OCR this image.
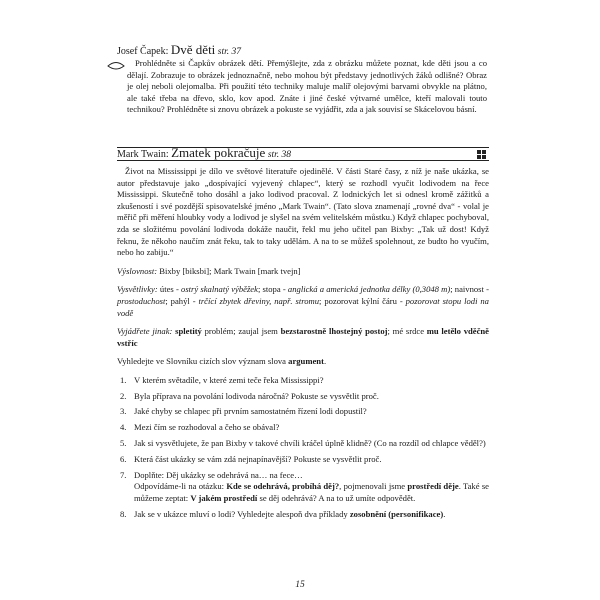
Josef Čapek: Dvě děti str. 37
Prohlédněte si Čapkův obrázek dětí. Přemýšlejte, zda z obrázku můžete poznat, kde děti jsou a co dělají. Zobrazuje to obrázek jednoznačně, nebo mohou být představy jednotlivých žáků odlišné? Obraz je olej neboli olejomalba. Při použití této techniky maluje malíř olejovými barvami obvykle na plátno, ale také třeba na dřevo, sklo, kov apod. Znáte i jiné české výtvarné umělce, kteří malovali touto technikou? Prohlédněte si znovu obrázek a pokuste se vyjádřit, zda a jak souvisí se Skácelovou básní.
Mark Twain: Zmatek pokračuje str. 38

Život na Mississippi je dílo ve světové literatuře ojedinělé. V části Staré časy, z níž je naše ukázka, se autor představuje jako „dospívající vyjevený chlapec“, který se rozhodl vyučit lodivodem na řece Mississippi. Skutečně toho dosáhl a jako lodivod pracoval. Z lodnických let si odnesl kromě zážitků a zkušeností i své pozdější spisovatelské jméno „Mark Twain“. (Tato slova znamenají „rovné dva“ - volal je měřič při měření hloubky vody a lodivod je slyšel na svém velitelském můstku.) Když chlapec pochyboval, zda se složitému povolání lodivoda dokáže naučit, řekl mu jeho učitel pan Bixby: „Tak už dost! Když řeknu, že někoho naučím znát řeku, tak to taky udělám. A na to se můžeš spolehnout, ze budto ho vyučím, nebo ho zabiju.“

Výslovnost: Bixby [biksbi]; Mark Twain [mark tvejn]

Vysvětlivky: útes - ostrý skalnatý výběžek; stopa - anglická a americká jednotka délky (0,3048 m); naivnost - prostoduchost; pahýl - trčící zbytek dřeviny, např. stromu; pozorovat kýlní čáru - pozorovat stopu lodi na vodě

Vyjádřete jinak: spletitý problém; zaujal jsem bezstarostně lhostejný postoj; mé srdce mu letělo vděčně vstříc

Vyhledejte ve Slovníku cizích slov význam slova argument.

1. V kterém světadíle, v které zemi teče řeka Mississippi?
2. Byla příprava na povolání lodivoda náročná? Pokuste se vysvětlit proč.
3. Jaké chyby se chlapec při prvním samostatném řízení lodi dopustil?
4. Mezi čím se rozhodoval a čeho se obával?
5. Jak si vysvětlujete, že pan Bixby v takové chvíli kráčel úplně klidně? (Co na rozdíl od chlapce věděl?)
6. Která část ukázky se vám zdá nejnapínavější? Pokuste se vysvětlit proč.
7. Doplňte: Děj ukázky se odehrává na… na fece…
Odpovídáme-li na otázku: Kde se odehrává, probíhá děj?, pojmenovali jsme prostředí děje. Také se můžeme zeptat: V jakém prostředí se děj odehrává? A na to už umíte odpovědět.
8. Jak se v ukázce mluví o lodi? Vyhledejte alespoň dva příklady zosobnění (personifikace).
15
